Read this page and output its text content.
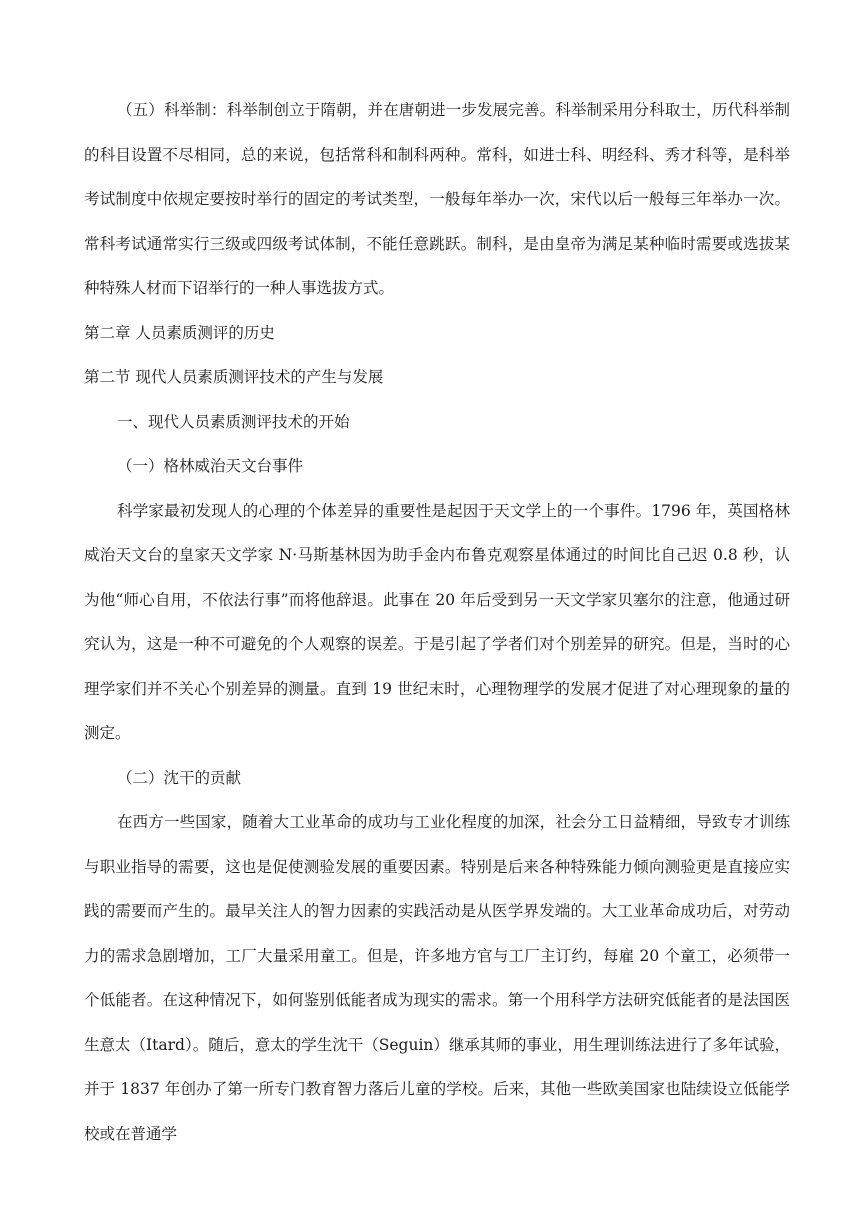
（五）科举制：科举制创立于隋朝，并在唐朝进一步发展完善。科举制采用分科取士，历代科举制的科目设置不尽相同，总的来说，包括常科和制科两种。常科，如进士科、明经科、秀才科等，是科举考试制度中依规定要按时举行的固定的考试类型，一般每年举办一次，宋代以后一般每三年举办一次。常科考试通常实行三级或四级考试体制，不能任意跳跃。制科，是由皇帝为满足某种临时需要或选拔某种特殊人材而下诏举行的一种人事选拔方式。

第二章 人员素质测评的历史

第二节 现代人员素质测评技术的产生与发展

一、现代人员素质测评技术的开始

（一）格林威治天文台事件

科学家最初发现人的心理的个体差异的重要性是起因于天文学上的一个事件。1796 年，英国格林威治天文台的皇家天文学家 N·马斯基林因为助手金内布鲁克观察星体通过的时间比自己迟 0.8 秒，认为他“师心自用，不依法行事”而将他辞退。此事在 20 年后受到另一天文学家贝塞尔的注意，他通过研究认为，这是一种不可避免的个人观察的误差。于是引起了学者们对个别差异的研究。但是，当时的心理学家们并不关心个别差异的测量。直到 19 世纪末时，心理物理学的发展才促进了对心理现象的量的测定。

（二）沈干的贡献

在西方一些国家，随着大工业革命的成功与工业化程度的加深，社会分工日益精细，导致专才训练与职业指导的需要，这也是促使测验发展的重要因素。特别是后来各种特殊能力倾向测验更是直接应实践的需要而产生的。最早关注人的智力因素的实践活动是从医学界发端的。大工业革命成功后，对劳动力的需求急剧增加，工厂大量采用童工。但是，许多地方官与工厂主订约，每雇 20 个童工，必须带一个低能者。在这种情况下，如何鉴别低能者成为现实的需求。第一个用科学方法研究低能者的是法国医生意太（Itard）。随后，意太的学生沈干（Seguin）继承其师的事业，用生理训练法进行了多年试验，并于 1837 年创办了第一所专门教育智力落后儿童的学校。后来，其他一些欧美国家也陆续设立低能学校或在普通学
